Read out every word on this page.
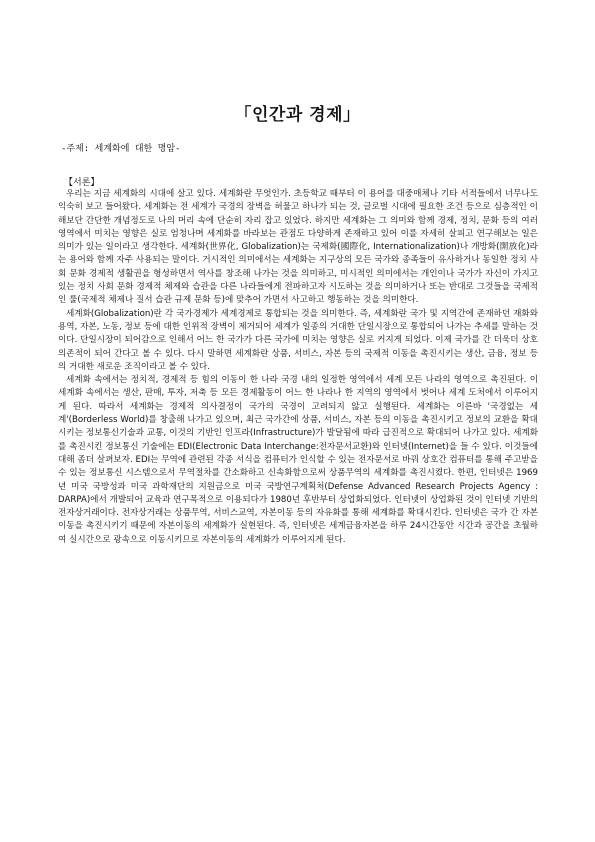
「인간과 경제」
-주제: 세계화에 대한 명암-
【서론】

우리는 지금 세계화의 시대에 살고 있다. 세계화란 무엇인가. 초등학교 때부터 이 용어를 대중매체나 기타 서적들에서 너무나도 익숙히 보고 들어왔다. 세계화는 전 세계가 국경의 장벽을 허물고 하나가 되는 것, 글로벌 시대에 필요한 조건 등으로 심층적인 이해보단 간단한 개념정도로 나의 머리 속에 단순히 자리 잡고 있었다. 하지만 세계화는 그 의미와 함께 경제, 정치, 문화 등의 여러 영역에서 미치는 영향은 실로 엄청나며 세계화를 바라보는 관점도 다양하게 존재하고 있어 이를 자세히 살피고 연구해보는 일은 의미가 있는 일이라고 생각한다. 세계화(世界化, Globalization)는 국제화(國際化, Internationalization)나 개방화(開放化)라는 용어와 함께 자주 사용되는 말이다. 거시적인 의미에서는 세계화는 지구상의 모든 국가와 종족들이 유사하거나 동일한 정치 사회 문화 경제적 생활권을 형성하면서 역사를 창조해 나가는 것을 의미하고, 미시적인 의미에서는 개인이나 국가가 자신이 가지고 있는 정치 사회 문화 경제적 체제와 습관을 다른 나라들에게 전파하고자 시도하는 것을 의미하거나 또는 반대로 그것들을 국제적인 룰(국제적 체제나 질서 습관 규제 문화 등)에 맞추어 가면서 사고하고 행동하는 것을 의미한다.

세계화(Globalization)란 각 국가경제가 세계경제로 통합되는 것을 의미한다. 즉, 세계화란 국가 및 지역간에 존재하던 재화와 용역, 자본, 노동, 정보 등에 대한 인위적 장벽이 제거되어 세계가 일종의 거대한 단일시장으로 통합되어 나가는 추세를 말하는 것이다. 단일시장이 되어감으로 인해서 어느 한 국가가 다른 국가에 미치는 영향은 실로 커지게 되었다. 이제 국가를 간 더욱더 상호 의존적이 되어 간다고 볼 수 있다. 다시 말하면 세계화란 상품, 서비스, 자본 등의 국제적 이동을 촉진시키는 생산, 금융, 정보 등의 거대한 새로운 조직이라고 볼 수 있다.

세계화 속에서는 정치적, 경제적 등 힘의 이동이 한 나라 국경 내의 일정한 영역에서 세계 모든 나라의 영역으로 촉진된다. 이 세계화 속에서는 생산, 판매, 투자, 저축 등 모든 경제활동이 어느 한 나라나 한 지역의 영역에서 벗어나 세계 도처에서 이루어지게 된다. 따라서 세계화는 경제적 의사결정이 국가의 국경이 고려되지 않고 실행된다. 세계화는 이른바 '국경없는 세계'(Borderless World)를 창출해 나가고 있으며, 최근 국가간에 상품, 서비스, 자본 등의 이동을 촉진시키고 정보의 교환을 확대시키는 정보통신기술과 교통, 이것의 기반인 인프라(Infrastructure)가 발달됨에 따라 급진적으로 확대되어 나가고 있다. 세계화를 촉진시킨 정보통신 기술에는 EDI(Electronic Data Interchange:전자문서교환)와 인터넷(Internet)을 들 수 있다. 이것들에 대해 좀더 살펴보자. EDI는 무역에 관련된 각종 서식을 컴퓨터가 인식할 수 있는 전자문서로 바꿔 상호간 컴퓨터를 통해 주고받을 수 있는 정보통신 시스템으로서 무역절차를 간소화하고 신속화함으로써 상품무역의 세계화를 촉진시켰다. 한편, 인터넷은 1969년 미국 국방성과 미국 과학재단의 지원금으로 미국 국방연구계획처(Defense Advanced Research Projects Agency : DARPA)에서 개발되어 교육과 연구목적으로 이용되다가 1980년 후반부터 상업화되었다. 인터넷이 상업화된 것이 인터넷 기반의 전자상거래이다. 전자상거래는 상품무역, 서비스교역, 자본이동 등의 자유화를 통해 세계화를 확대시킨다. 인터넷은 국가 간 자본이동을 촉진시키기 때문에 자본이동의 세계화가 실현된다. 즉, 인터넷은 세계금융자본을 하루 24시간동안 시간과 공간을 초월하여 실시간으로 광속으로 이동시키므로 자본이동의 세계화가 이루어지게 된다.
